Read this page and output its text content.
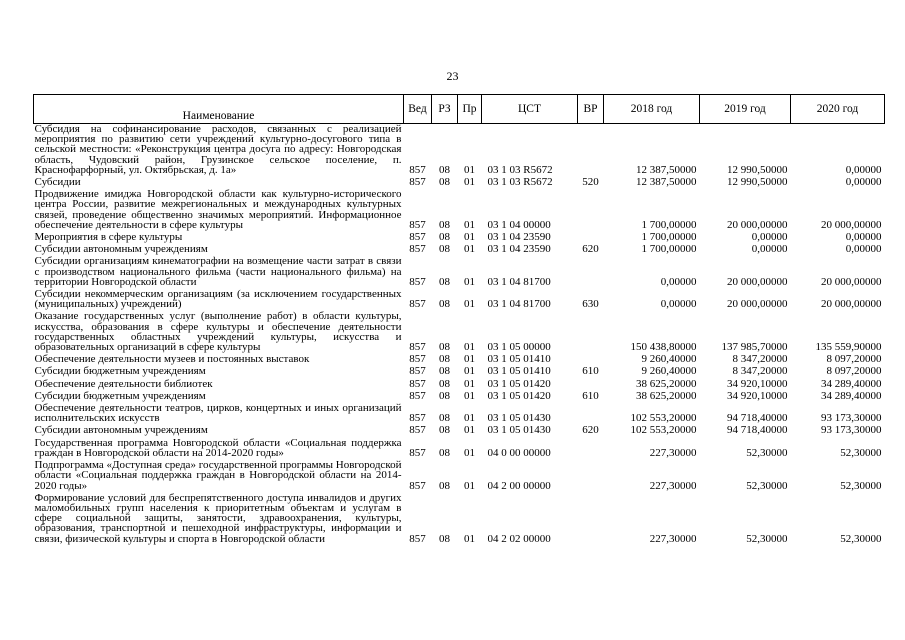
23
Наименование	Вед	РЗ	Пр	ЦСТ	ВР	2018 год	2019 год	2020 год
Субсидия на софинансирование расходов, связанных с реализацией мероприятия по развитию сети учреждений культурно-досугового типа в сельской местности: «Реконструкция центра досуга по адресу: Новгородская область, Чудовский район, Грузинское сельское поселение, п. Краснофарфорный, ул. Октябрьская, д. 1а»	857	08	01	03 1 03 R5672		12 387,50000	12 990,50000	0,00000
Субсидии	857	08	01	03 1 03 R5672	520	12 387,50000	12 990,50000	0,00000
Продвижение имиджа Новгородской области как культурно-исторического центра России, развитие межрегиональных и международных культурных связей, проведение общественно значимых мероприятий. Информационное обеспечение деятельности в сфере культуры	857	08	01	03 1 04 00000		1 700,00000	20 000,00000	20 000,00000
Мероприятия в сфере культуры	857	08	01	03 1 04 23590		1 700,00000	0,00000	0,00000
Субсидии автономным учреждениям	857	08	01	03 1 04 23590	620	1 700,00000	0,00000	0,00000
Субсидии организациям кинематографии на возмещение части затрат в связи с производством национального фильма (части национального фильма) на территории Новгородской области	857	08	01	03 1 04 81700		0,00000	20 000,00000	20 000,00000
Субсидии некоммерческим организациям (за исключением государственных (муниципальных) учреждений)	857	08	01	03 1 04 81700	630	0,00000	20 000,00000	20 000,00000
Оказание государственных услуг (выполнение работ) в области культуры, искусства, образования в сфере культуры и обеспечение деятельности государственных областных учреждений культуры, искусства и образовательных организаций в сфере культуры	857	08	01	03 1 05 00000		150 438,80000	137 985,70000	135 559,90000
Обеспечение деятельности музеев и постоянных выставок	857	08	01	03 1 05 01410		9 260,40000	8 347,20000	8 097,20000
Субсидии бюджетным учреждениям	857	08	01	03 1 05 01410	610	9 260,40000	8 347,20000	8 097,20000
Обеспечение деятельности библиотек	857	08	01	03 1 05 01420		38 625,20000	34 920,10000	34 289,40000
Субсидии бюджетным учреждениям	857	08	01	03 1 05 01420	610	38 625,20000	34 920,10000	34 289,40000
Обеспечение деятельности театров, цирков, концертных и иных организаций исполнительских искусств	857	08	01	03 1 05 01430		102 553,20000	94 718,40000	93 173,30000
Субсидии автономным учреждениям	857	08	01	03 1 05 01430	620	102 553,20000	94 718,40000	93 173,30000
Государственная программа Новгородской области «Социальная поддержка граждан в Новгородской области на 2014-2020 годы»	857	08	01	04 0 00 00000		227,30000	52,30000	52,30000
Подпрограмма «Доступная среда» государственной программы Новгородской области «Социальная поддержка граждан в Новгородской области на 2014-2020 годы»	857	08	01	04 2 00 00000		227,30000	52,30000	52,30000
Формирование условий для беспрепятственного доступа инвалидов и других маломобильных групп населения к приоритетным объектам и услугам в сфере социальной защиты, занятости, здравоохранения, культуры, образования, транспортной и пешеходной инфраструктуры, информации и связи, физической культуры и спорта в Новгородской области	857	08	01	04 2 02 00000		227,30000	52,30000	52,30000
